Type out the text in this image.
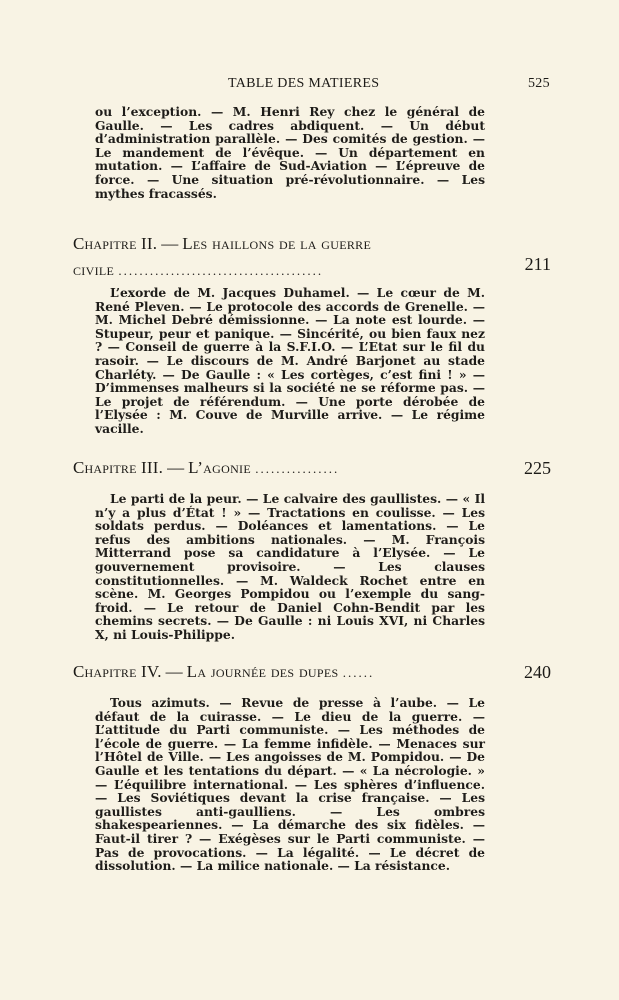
TABLE DES MATIERES	525

ou l’exception. — M. Henri Rey chez le général de Gaulle. — Les cadres abdiquent. — Un début d’administration parallèle. — Des comités de gestion. — Le mandement de l’évêque. — Un département en mutation. — L’affaire de Sud-Aviation — L’épreuve de force. — Une situation pré-révolutionnaire. — Les mythes fracassés.

Chapitre II. — Les haillons de la guerre
civile .......................................	211

L’exorde de M. Jacques Duhamel. — Le cœur de M. René Pleven. — Le protocole des accords de Grenelle. — M. Michel Debré démissionne. — La note est lourde. — Stupeur, peur et panique. — Sincérité, ou bien faux nez ? — Conseil de guerre à la S.F.I.O. — L’Etat sur le fil du rasoir. — Le discours de M. André Barjonet au stade Charléty. — De Gaulle : « Les cortèges, c’est fini ! » — D’immenses malheurs si la société ne se réforme pas. — Le projet de référendum. — Une porte dérobée de l’Elysée : M. Couve de Murville arrive. — Le régime vacille.

Chapitre III. — L’agonie ................	225

Le parti de la peur. — Le calvaire des gaullistes. — « Il n’y a plus d’État ! » — Tractations en coulisse. — Les soldats perdus. — Doléances et lamentations. — Le refus des ambitions nationales. — M. François Mitterrand pose sa candidature à l’Elysée. — Le gouvernement provisoire. — Les clauses constitutionnelles. — M. Waldeck Rochet entre en scène. M. Georges Pompidou ou l’exemple du sang-froid. — Le retour de Daniel Cohn-Bendit par les chemins secrets. — De Gaulle : ni Louis XVI, ni Charles X, ni Louis-Philippe.

Chapitre IV. — La journée des dupes ......	240

Tous azimuts. — Revue de presse à l’aube. — Le défaut de la cuirasse. — Le dieu de la guerre. — L’attitude du Parti communiste. — Les méthodes de l’école de guerre. — La femme infidèle. — Menaces sur l’Hôtel de Ville. — Les angoisses de M. Pompidou. — De Gaulle et les tentations du départ. — « La nécrologie. » — L’équilibre international. — Les sphères d’influence. — Les Soviétiques devant la crise française. — Les gaullistes anti-gaulliens. — Les ombres shakespeariennes. — La démarche des six fidèles. — Faut-il tirer ? — Exégèses sur le Parti communiste. — Pas de provocations. — La légalité. — Le décret de dissolution. — La milice nationale. — La résistance.
